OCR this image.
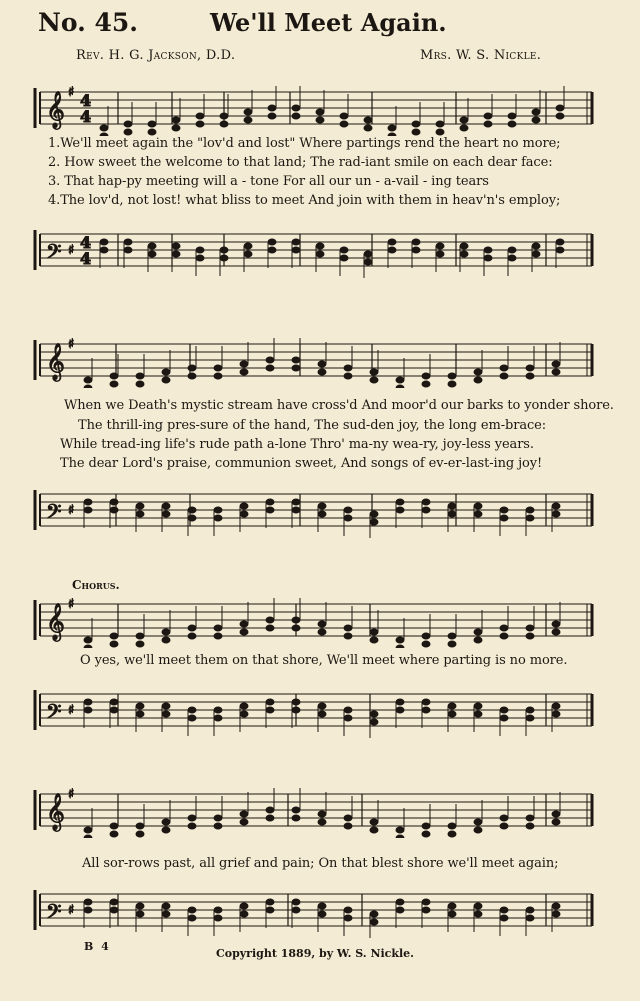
No. 45.	We'll Meet Again.
Rev. H. G. Jackson, D.D.	Mrs. W. S. Nickle.
𝄞 ♯ 4
4
1.We'll meet again the "lov'd and lost" Where partings rend the heart no more;
2. How sweet the welcome to that land; The rad-iant smile on each dear face:
3. That hap-py meeting will a - tone For all our un - a-vail - ing tears
4.The lov'd, not lost! what bliss to meet And join with them in heav'n's employ;
𝄢 ♯ 4
4
𝄞 ♯
When we Death's mystic stream have cross'd And moor'd our barks to yonder shore.
The thrill-ing pres-sure of the hand, The sud-den joy, the long em-brace:
While tread-ing life's rude path a-lone Thro' ma-ny wea-ry, joy-less years.
The dear Lord's praise, communion sweet, And songs of ev-er-last-ing joy!
𝄢 ♯
Chorus.
𝄞 ♯
O yes, we'll meet them on that shore, We'll meet where parting is no more.
𝄢 ♯
𝄞 ♯
All sor-rows past, all grief and pain; On that blest shore we'll meet again;
𝄢 ♯
B 4
Copyright 1889, by W. S. Nickle.
